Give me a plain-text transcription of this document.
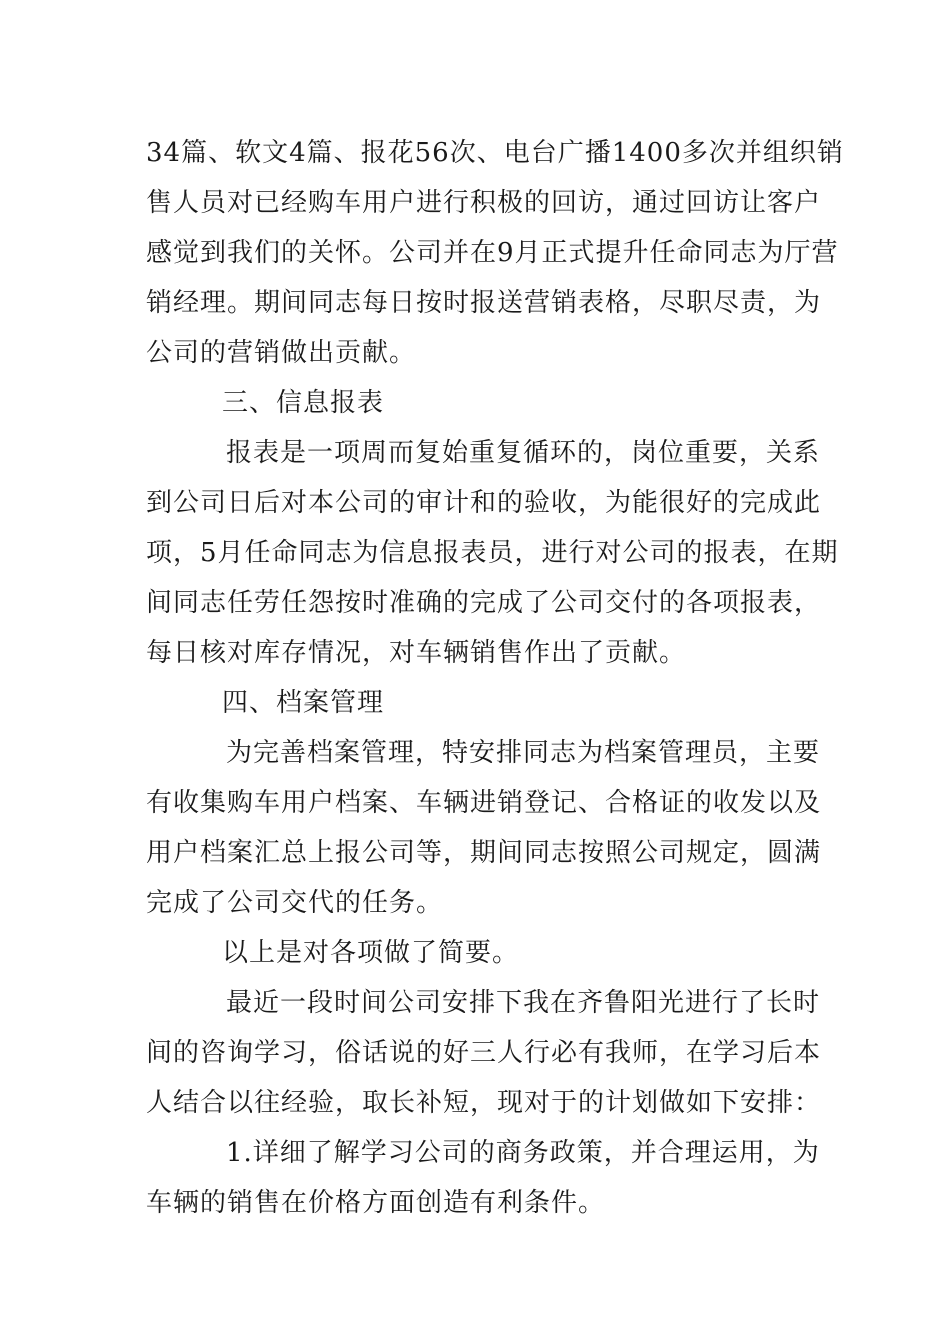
34篇、软文4篇、报花56次、电台广播1400多次并组织销
售人员对已经购车用户进行积极的回访，通过回访让客户
感觉到我们的关怀。公司并在9月正式提升任命同志为厅营
销经理。期间同志每日按时报送营销表格，尽职尽责，为
公司的营销做出贡献。
三、信息报表
报表是一项周而复始重复循环的，岗位重要，关系
到公司日后对本公司的审计和的验收，为能很好的完成此
项，5月任命同志为信息报表员，进行对公司的报表，在期
间同志任劳任怨按时准确的完成了公司交付的各项报表，
每日核对库存情况，对车辆销售作出了贡献。
四、档案管理
为完善档案管理，特安排同志为档案管理员，主要
有收集购车用户档案、车辆进销登记、合格证的收发以及
用户档案汇总上报公司等，期间同志按照公司规定，圆满
完成了公司交代的任务。
以上是对各项做了简要。
最近一段时间公司安排下我在齐鲁阳光进行了长时
间的咨询学习，俗话说的好三人行必有我师，在学习后本
人结合以往经验，取长补短，现对于的计划做如下安排：
1.详细了解学习公司的商务政策，并合理运用，为
车辆的销售在价格方面创造有利条件。
